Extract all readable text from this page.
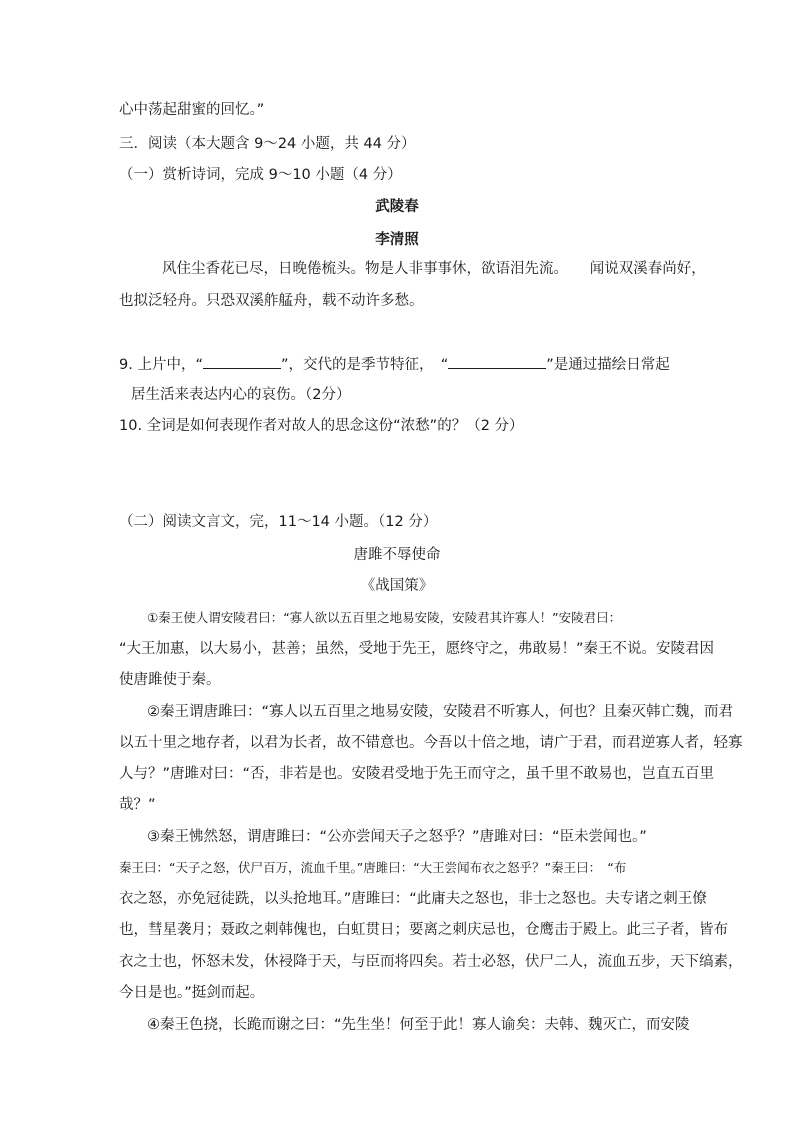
心中荡起甜蜜的回忆。”
三．阅读（本大题含 9～24 小题，共 44 分）
（一）赏析诗词，完成 9～10 小题（4 分）
武陵春
李清照
风住尘香花已尽，日晚倦梳头。物是人非事事休，欲语泪先流。　　闻说双溪春尚好，
也拟泛轻舟。只恐双溪舴艋舟，载不动许多愁。
9. 上片中，“	”，交代的是季节特征，　“	”是通过描绘日常起
居生活来表达内心的哀伤。（2分）
10. 全词是如何表现作者对故人的思念这份“浓愁”的？（2 分）
（二）阅读文言文，完，11～14 小题。（12 分）
唐雎不辱使命
《战国策》
①秦王使人谓安陵君曰：“寡人欲以五百里之地易安陵，安陵君其许寡人！”安陵君曰：
“大王加惠，以大易小，甚善；虽然，受地于先王，愿终守之，弗敢易！”秦王不说。安陵君因
使唐雎使于秦。
②秦王谓唐雎曰：“寡人以五百里之地易安陵，安陵君不听寡人，何也？且秦灭韩亡魏，而君
以五十里之地存者，以君为长者，故不错意也。今吾以十倍之地，请广于君，而君逆寡人者，轻寡
人与？”唐雎对曰：“否，非若是也。安陵君受地于先王而守之，虽千里不敢易也，岂直五百里
哉？”
③秦王怫然怒，谓唐雎曰：“公亦尝闻天子之怒乎？”唐雎对曰：“臣未尝闻也。”
秦王曰：“天子之怒，伏尸百万，流血千里。”唐雎曰：“大王尝闻布衣之怒乎？”秦王曰：　“布
衣之怒，亦免冠徒跣，以头抢地耳。”唐雎曰：“此庸夫之怒也，非士之怒也。夫专诸之刺王僚
也，彗星袭月；聂政之刺韩傀也，白虹贯日；要离之刺庆忌也，仓鹰击于殿上。此三子者，皆布
衣之士也，怀怒未发，休祲降于天，与臣而将四矣。若士必怒，伏尸二人，流血五步，天下缟素，
今日是也。”挺剑而起。
④秦王色挠，长跪而谢之曰：“先生坐！何至于此！寡人谕矣：夫韩、魏灭亡，而安陵
